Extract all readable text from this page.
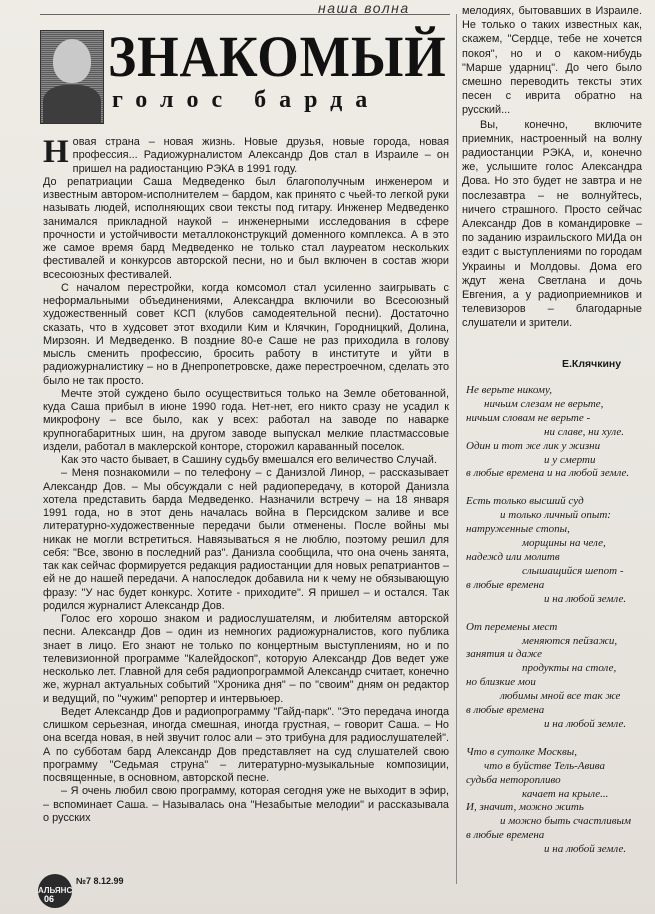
наша волна
ЗНАКОМЫЙ
голос барда

Новая страна – новая жизнь. Новые друзья, новые города, новая профессия... Радиожурналистом Александр Дов стал в Израиле – он пришел на радиостанцию РЭКА в 1991 году.

До репатриации Саша Медведенко был благополучным инженером и известным автором-исполнителем – бардом, как принято с чьей-то легкой руки называть людей, исполняющих свои тексты под гитару. Инженер Медведенко занимался прикладной наукой – инженерными исследования в сфере прочности и устойчивости металлоконструкций доменного комплекса. А в это же самое время бард Медведенко не только стал лауреатом нескольких фестивалей и конкурсов авторской песни, но и был включен в состав жюри всесоюзных фестивалей.

С началом перестройки, когда комсомол стал усиленно заигрывать с неформальными объединениями, Александра включили во Всесоюзный художественный совет КСП (клубов самодеятельной песни). Достаточно сказать, что в худсовет этот входили Ким и Клячкин, Городницкий, Долина, Мирзоян. И Медведенко. В поздние 80-е Саше не раз приходила в голову мысль сменить профессию, бросить работу в институте и уйти в радиожурналистику – но в Днепропетровске, даже перестроечном, сделать это было не так просто.

Мечте этой суждено было осуществиться только на Земле обетованной, куда Саша прибыл в июне 1990 года. Нет-нет, его никто сразу не усадил к микрофону – все было, как у всех: работал на заводе по наварке крупногабаритных шин, на другом заводе выпускал мелкие пластмассовые издели, работал в маклерской конторе, сторожил караванный поселок.

Как это часто бывает, в Сашину судьбу вмешался его величество Случай.

– Меня познакомили – по телефону – с Данизлой Линор, – рассказывает Александр Дов. – Мы обсуждали с ней радиопередачу, в которой Данизла хотела представить барда Медведенко. Назначили встречу – на 18 января 1991 года, но в этот день началась война в Персидском заливе и все литературно-художественные передачи были отменены. После войны мы никак не могли встретиться. Навязываться я не люблю, поэтому решил для себя: "Все, звоню в последний раз". Данизла сообщила, что она очень занята, так как сейчас формируется редакция радиостанции для новых репатриантов – ей не до нашей передачи. А напоследок добавила ни к чему не обязывающую фразу: "У нас будет конкурс. Хотите - приходите". Я пришел – и остался. Так родился журналист Александр Дов.

Голос его хорошо знаком и радиослушателям, и любителям авторской песни. Александр Дов – один из немногих радиожурналистов, кого публика знает в лицо. Его знают не только по концертным выступлениям, но и по телевизионной программе "Калейдоскоп", которую Александр Дов ведет уже несколько лет. Главной для себя радиопрограммой Александр считает, конечно же, журнал актуальных событий "Хроника дня" – по "своим" дням он редактор и ведущий, по "чужим" репортер и интервьюер.

Ведет Александр Дов и радиопрограмму "Гайд-парк". "Это передача иногда слишком серьезная, иногда смешная, иногда грустная, – говорит Саша. – Но она всегда новая, в ней звучит голос али – это трибуна для радиослушателей". А по субботам бард Александр Дов представляет на суд слушателей свою программу "Седьмая струна" – литературно-музыкальные композиции, посвященные, в основном, авторской песне.

– Я очень любил свою программу, которая сегодня уже не выходит в эфир, – вспоминает Саша. – Называлась она "Незабытые мелодии" и рассказывала о русских

мелодиях, бытовавших в Израиле. Не только о таких известных как, скажем, "Сердце, тебе не хочется покоя", но и о каком-нибудь "Марше ударниц". До чего было смешно переводить тексты этих песен с иврита обратно на русский...

Вы, конечно, включите приемник, настроенный на волну радиостанции РЭКА, и, конечно же, услышите голос Александра Дова. Но это будет не завтра и не послезавтра – не волнуйтесь, ничего страшного. Просто сейчас Александр Дов в командировке – по заданию израильского МИДа он ездит с выступлениями по городам Украины и Молдовы. Дома его ждут жена Светлана и дочь Евгения, а у радиоприемников и телевизоров – благодарные слушатели и зрители.

Е.Клячкину
Не верьте никому,
ничьим слезам не верьте,
ничьим словам не верьте -
ни славе, ни хуле.
Один и тот же лик у жизни
и у смерти
в любые времена и на любой земле.
Есть только высший суд
и только личный опыт:
натруженные стопы,
морщины на челе,
надежд или молитв
слышащийся шепот -
в любые времена
и на любой земле.
От перемены мест
меняются пейзажи,
занятия и даже
продукты на столе,
но близкие мои
любимы мной все так же
в любые времена
и на любой земле.
Что в сутолке Москвы,
что в буйстве Тель-Авива
судьба неторопливо
качает на крыле...
И, значит, можно жить
и можно быть счастливым
в любые времена
и на любой земле.
АЛЬЯНС
№7 8.12.99
06
